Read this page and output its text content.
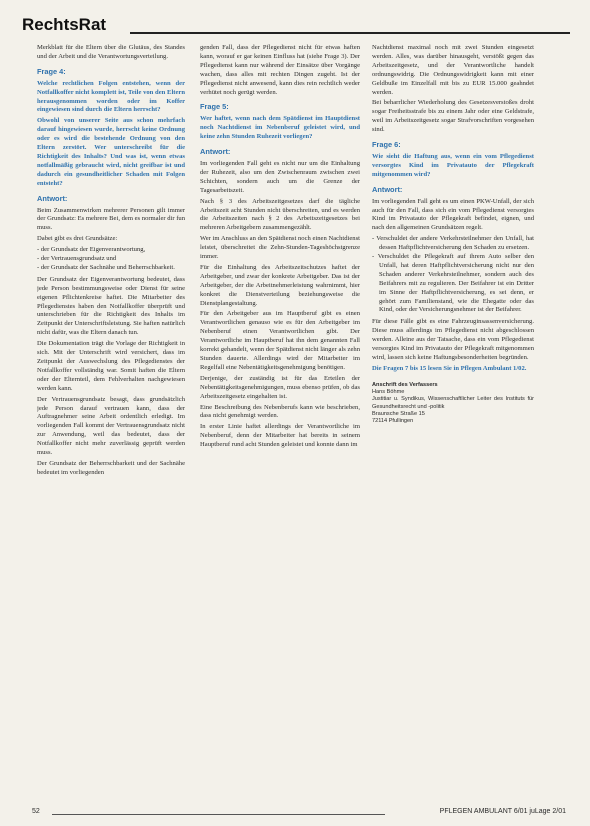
RechtsRat

Merkblatt für die Eltern über die Glutäus, des Standes und der Arbeit und die Verantwortungsverteilung.

Frage 4:

Welche rechtlichen Folgen entstehen, wenn der Notfallkoffer nicht komplett ist, Teile von den Eltern herausgenommen worden oder im Koffer eingewiesen sind durch die Eltern herrscht?

Obwohl von unserer Seite aus schon mehrfach darauf hingewiesen wurde, herrscht keine Ordnung oder es wird die bestehende Ordnung von den Eltern zerstört. Wer unterschreibt für die Richtigkeit des Inhalts? Und was ist, wenn etwas notfallmäßig gebraucht wird, nicht greifbar ist und dadurch ein gesundheitlicher Schaden mit Folgen entsteht?

Antwort:

Beim Zusammenwirken mehrerer Personen gilt immer der Grundsatz: Es mehrere Bei, dem es normaler dir fun muss.

Dabei gibt es drei Grundsätze:

- der Grundsatz der Eigenverantwortung,
- der Vertrauensgrundsatz und
- der Grundsatz der Sachnähe und Beherrschbarkeit.

Der Grundsatz der Eigenverantwortung bedeutet, dass jede Person bestimmungsweise oder Dienst für seine eigenen Pflichtenkreise haftet. Die Mitarbeiter des Pflegedienstes haben den Notfallkoffer überprüft und unterschrieben für die Richtigkeit des Inhalts im Zeitpunkt der Unterschriftsleistung. Sie haften natürlich nicht dafür, was die Eltern danach tun.

Die Dokumentation trägt die Vorlage der Richtigkeit in sich. Mit der Unterschrift wird versichert, dass im Zeitpunkt der Auswechslung des Pflegedienstes der Notfallkoffer vollständig war. Somit haften die Eltern oder der Elternteil, dem Fehlverhalten nachgewiesen werden kann.

Der Vertrauensgrundsatz besagt, dass grundsätzlich jede Person darauf vertrauen kann, dass der Auftragnehmer seine Arbeit ordentlich erledigt. Im vorliegenden Fall kommt der Vertrauensgrundsatz nicht zur Anwendung, weil das bedeutet, dass der Notfallkoffer nicht mehr zuverlässig geprüft werden muss.

Der Grundsatz der Beherrschbarkeit und der Sachnähe bedeutet im vorliegenden

genden Fall, dass der Pflegedienst nicht für etwas haften kann, worauf er gar keinen Einfluss hat (siehe Frage 3). Der Pflegedienst kann nur während der Einsätze über Vorgänge wachen, dass alles mit rechten Dingen zugeht. Ist der Pflegedienst nicht anwesend, kann dies rein rechtlich weder verhütet noch gerügt werden.

Frage 5:

Wer haftet, wenn nach dem Spätdienst im Hauptdienst noch Nachtdienst im Nebenberuf geleistet wird, und keine zehn Stunden Ruhezeit vorliegen?

Antwort:

Im vorliegenden Fall geht es nicht nur um die Einhaltung der Ruhezeit, also um den Zwischenraum zwischen zwei Schichten, sondern auch um die Grenze der Tagesarbeitszeit.

Nach § 3 des Arbeitszeitgesetzes darf die tägliche Arbeitszeit acht Stunden nicht überschreiten, und es werden die Arbeitszeiten nach § 2 des Arbeitszeitgesetzes bei mehreren Arbeitgebern zusammengezählt.

Wer im Anschluss an den Spätdienst noch einen Nachtdienst leistet, überschreitet die Zehn-Stunden-Tageshöchstgrenze immer.

Für die Einhaltung des Arbeitszeitschutzes haftet der Arbeitgeber, und zwar der konkrete Arbeitgeber. Das ist der Arbeitgeber, der die Arbeitnehmerleistung wahrnimmt, hier konkret die Dienstverteilung beziehungsweise die Dienstplangestaltung.

Für den Arbeitgeber aus im Hauptberuf gibt es einen Verantwortlichen genauso wie es für den Arbeitgeber im Nebenberuf einen Verantwortlichen gibt. Der Verantwortliche im Hauptberuf hat ihn dem genannten Fall korrekt gehandelt, wenn der Spätdienst nicht länger als zehn Stunden dauerte. Allerdings wird der Mitarbeiter im Regelfall eine Nebentätigkeitsgenehmigung benötigen.

Derjenige, der zuständig ist für das Erteilen der Nebentätigkeitsgenehmigungen, muss ebenso prüfen, ob das Arbeitszeitgesetz eingehalten ist.

Eine Beschreibung des Nebenberufs kann wie beschrieben, dass nicht genehmigt werden.

In erster Linie haftet allerdings der Verantwortliche im Nebenberuf, denn der Mitarbeiter hat bereits in seinem Hauptberuf rund acht Stunden geleistet und konnte dann im

Nachtdienst maximal noch mit zwei Stunden eingesetzt werden. Alles, was darüber hinausgeht, verstößt gegen das Arbeitszeitgesetz, und der Verantwortliche handelt ordnungswidrig. Die Ordnungswidrigkeit kann mit einer Geldbuße im Einzelfall mit bis zu EUR 15.000 geahndet werden.

Bei beharrlicher Wiederholung des Gesetzesverstoßes droht sogar Freiheitsstrafe bis zu einem Jahr oder eine Geldstrafe, weil im Arbeitszeitgesetz sogar Strafvorschriften vorgesehen sind.

Frage 6:

Wie sieht die Haftung aus, wenn ein vom Pflegedienst versorgtes Kind im Privatauto der Pflegekraft mitgenommen wird?

Antwort:

Im vorliegenden Fall geht es um einen PKW-Unfall, der sich auch für den Fall, dass sich ein vom Pflegedienst versorgtes Kind im Privatauto der Pflegekraft befindet, eignen, und nach den allgemeinen Grundsätzen regelt.

- Verschuldet der andere Verkehrsteilnehmer den Unfall, hat dessen Haftpflichtversicherung den Schaden zu ersetzen.
- Verschuldet die Pflegekraft auf ihrem Auto selber den Unfall, hat deren Haftpflichtversicherung nicht nur den Schaden anderer Verkehrsteilnehmer, sondern auch des Beifahrers mit zu regulieren. Der Beifahrer ist ein Dritter im Sinne der Haftpflichtversicherung, es sei denn, er gehört zum Familienstand, wie die Ehegatte oder das Kind, oder der Versicherungsnehmer ist der Beifahrer.

Für diese Fälle gibt es eine Fahrzeuginsassenversicherung. Diese muss allerdings im Pflegedienst nicht abgeschlossen werden. Alleine aus der Tatsache, dass ein vom Pflegedienst versorgtes Kind im Privatauto der Pflegekraft mitgenommen wird, lassen sich keine Haftungsbesonderheiten begründen.

Die Fragen 7 bis 15 lesen Sie in Pflegen Ambulant 1/02.

Anschrift des Verfassers
Hans Böhme
Justitiar u. Syndikus, Wissenschaftlicher Leiter des Instituts für Gesundheitsrecht und -politik
Braunsche Straße 15
72114 Pfullingen
52	PFLEGEN AMBULANT 6/01 juLage 2/01
